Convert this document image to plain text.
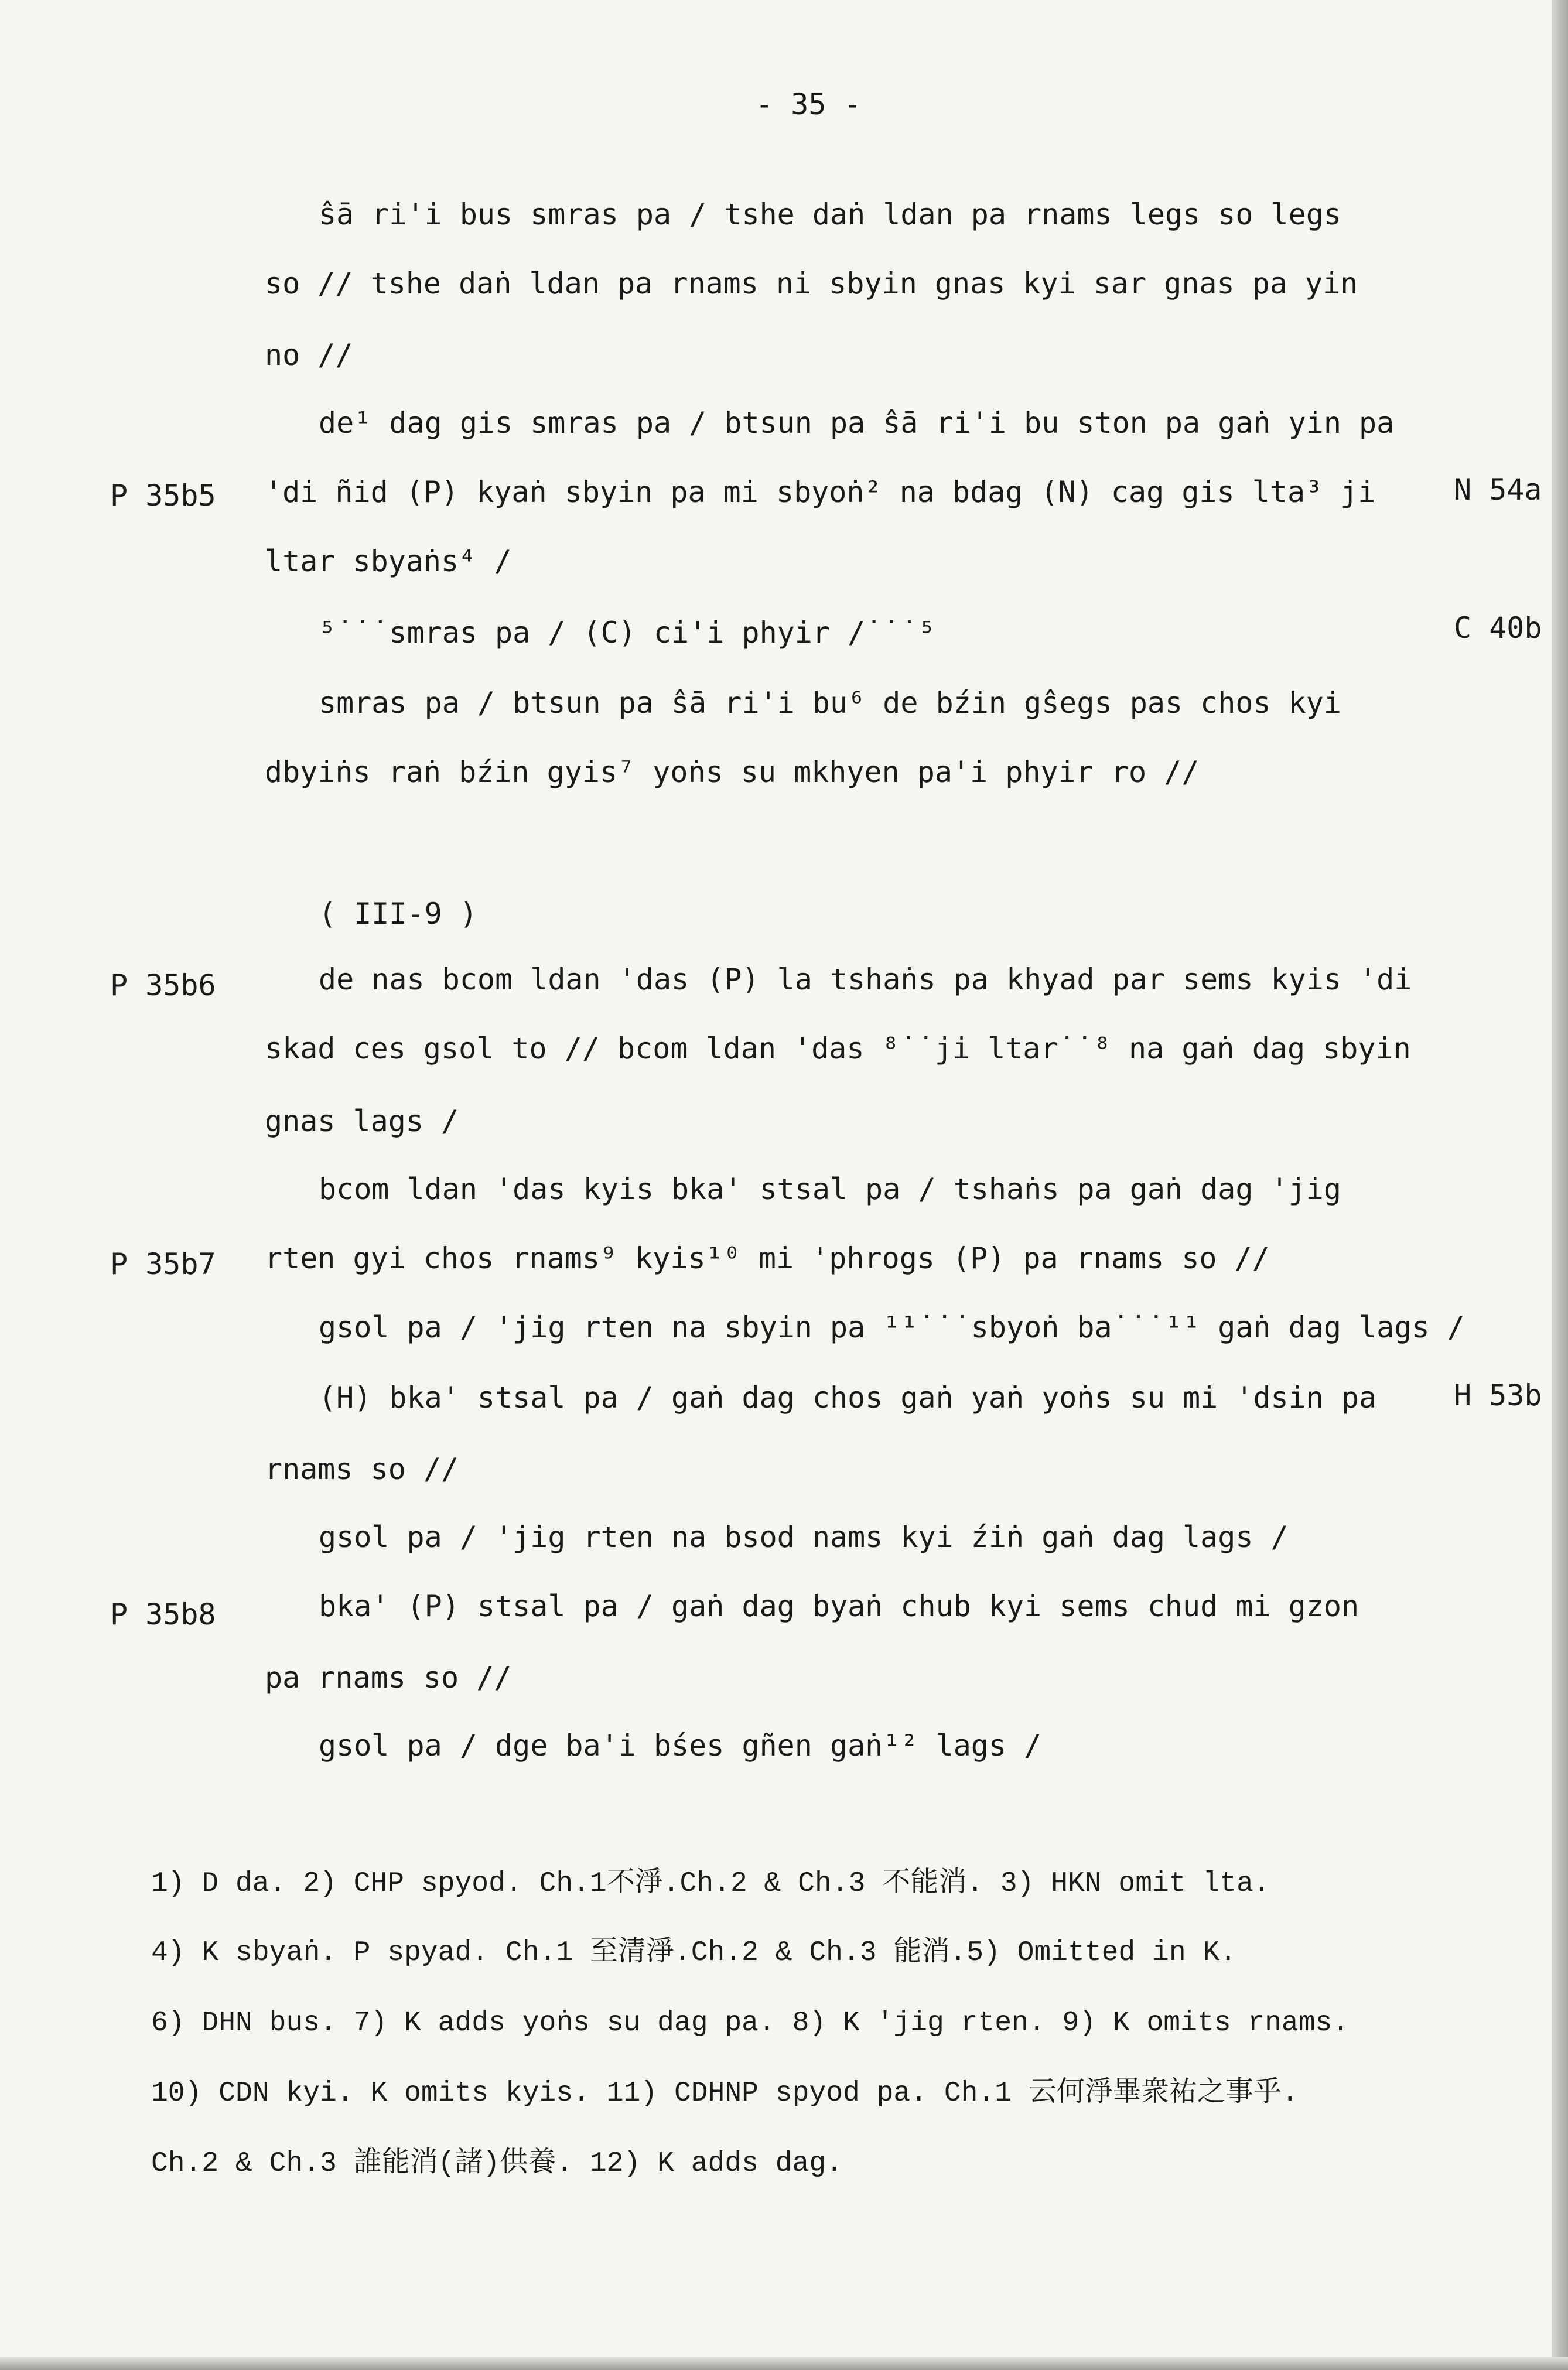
- 35 -
ŝā ri'i bus smras pa / tshe daṅ ldan pa rnams legs so legs
so // tshe daṅ ldan pa rnams ni sbyin gnas kyi sar gnas pa yin
no //
de¹ dag gis smras pa / btsun pa ŝā ri'i bu ston pa gaṅ yin pa
'di ñid (P) kyaṅ sbyin pa mi sbyoṅ² na bdag (N) cag gis lta³ ji
ltar sbyaṅs⁴ /
⁵˙˙˙smras pa / (C) ci'i phyir /˙˙˙⁵
smras pa / btsun pa ŝā ri'i bu⁶ de bźin gŝegs pas chos kyi
dbyiṅs raṅ bźin gyis⁷ yoṅs su mkhyen pa'i phyir ro //
( III-9 )
de nas bcom ldan 'das (P) la tshaṅs pa khyad par sems kyis 'di
skad ces gsol to // bcom ldan 'das ⁸˙˙ji ltar˙˙⁸ na gaṅ dag sbyin
gnas lags /
bcom ldan 'das kyis bka' stsal pa / tshaṅs pa gaṅ dag 'jig
rten gyi chos rnams⁹ kyis¹⁰ mi 'phrogs (P) pa rnams so //
gsol pa / 'jig rten na sbyin pa ¹¹˙˙˙sbyoṅ ba˙˙˙¹¹ gaṅ dag lags /
(H) bka' stsal pa / gaṅ dag chos gaṅ yaṅ yoṅs su mi 'dsin pa
rnams so //
gsol pa / 'jig rten na bsod nams kyi źiṅ gaṅ dag lags /
bka' (P) stsal pa / gaṅ dag byaṅ chub kyi sems chud mi gzon
pa rnams so //
gsol pa / dge ba'i bśes gñen gaṅ¹² lags /
P 35b5
P 35b6
P 35b7
P 35b8
N 54a
C 40b
H 53b
1) D da. 2) CHP spyod. Ch.1不淨.Ch.2 & Ch.3 不能消. 3) HKN omit lta.
4) K sbyaṅ. P spyad. Ch.1 至清淨.Ch.2 & Ch.3 能消.5) Omitted in K.
6) DHN bus. 7) K adds yoṅs su dag pa. 8) K 'jig rten. 9) K omits rnams.
10) CDN kyi. K omits kyis. 11) CDHNP spyod pa. Ch.1 云何淨畢衆祐之事乎.
Ch.2 & Ch.3 誰能消(諸)供養. 12) K adds dag.
